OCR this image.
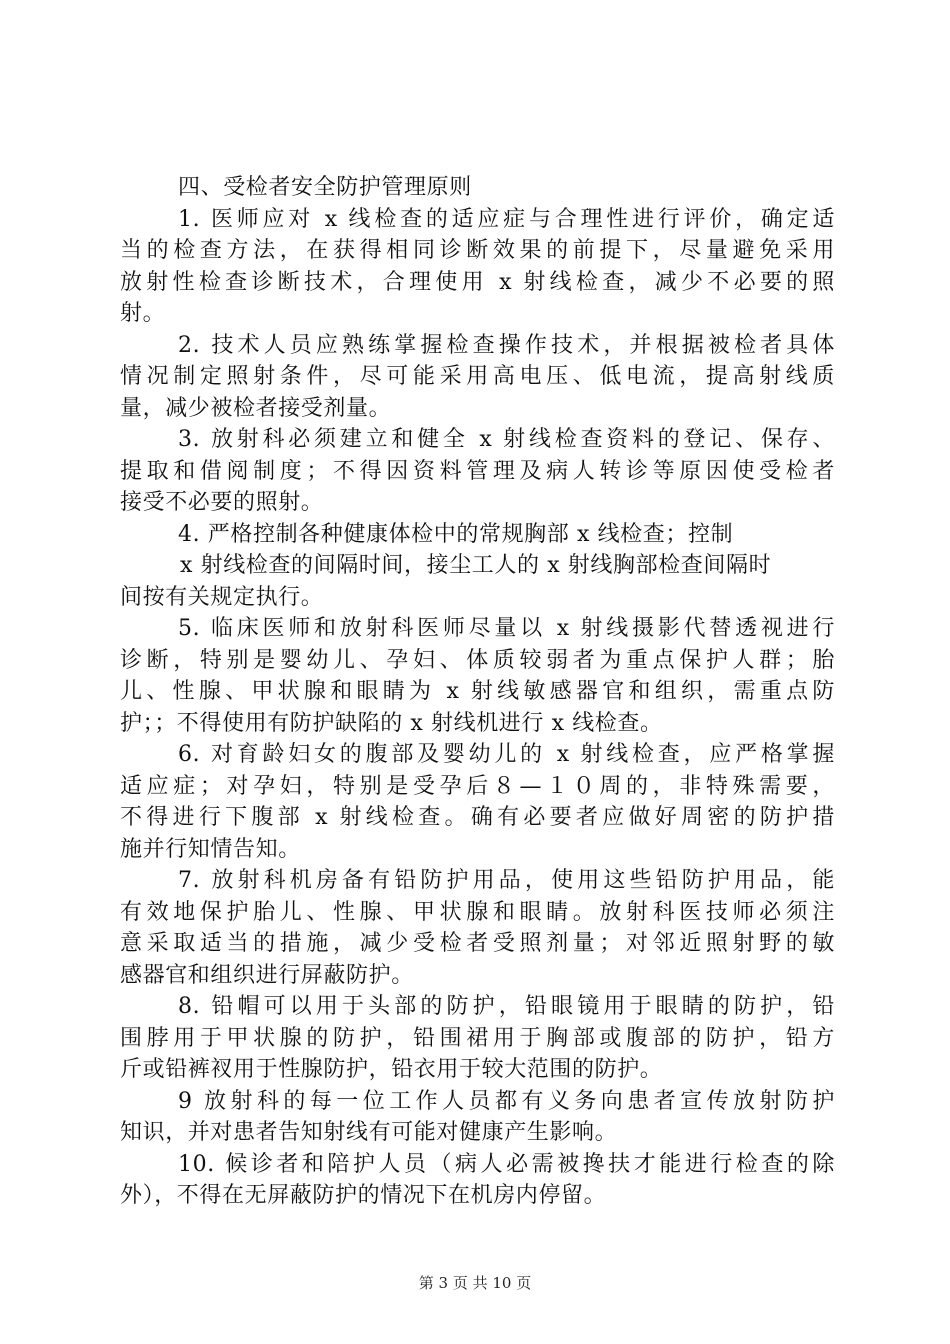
四、受检者安全防护管理原则
1. 医师应对 x 线检查的适应症与合理性进行评价，确定适
当的检查方法，在获得相同诊断效果的前提下，尽量避免采用
放射性检查诊断技术，合理使用 x 射线检查，减少不必要的照
射。
2. 技术人员应熟练掌握检查操作技术，并根据被检者具体
情况制定照射条件，尽可能采用高电压、低电流，提高射线质
量，减少被检者接受剂量。
3. 放射科必须建立和健全 x 射线检查资料的登记、保存、
提取和借阅制度；不得因资料管理及病人转诊等原因使受检者
接受不必要的照射。
4. 严格控制各种健康体检中的常规胸部 x 线检查；控制
x 射线检查的间隔时间，接尘工人的 x 射线胸部检查间隔时
间按有关规定执行。
5. 临床医师和放射科医师尽量以 x 射线摄影代替透视进行
诊断，特别是婴幼儿、孕妇、体质较弱者为重点保护人群；胎
儿、性腺、甲状腺和眼睛为 x 射线敏感器官和组织，需重点防
护；；不得使用有防护缺陷的 x 射线机进行 x 线检查。
6. 对育龄妇女的腹部及婴幼儿的 x 射线检查，应严格掌握
适应症；对孕妇，特别是受孕后８—１０周的，非特殊需要，
不得进行下腹部 x 射线检查。确有必要者应做好周密的防护措
施并行知情告知。
7. 放射科机房备有铅防护用品，使用这些铅防护用品，能
有效地保护胎儿、性腺、甲状腺和眼睛。放射科医技师必须注
意采取适当的措施，减少受检者受照剂量；对邻近照射野的敏
感器官和组织进行屏蔽防护。
8. 铅帽可以用于头部的防护，铅眼镜用于眼睛的防护，铅
围脖用于甲状腺的防护，铅围裙用于胸部或腹部的防护，铅方
斤或铅裤衩用于性腺防护，铅衣用于较大范围的防护。
9 放射科的每一位工作人员都有义务向患者宣传放射防护
知识，并对患者告知射线有可能对健康产生影响。
10. 候诊者和陪护人员（病人必需被搀扶才能进行检查的除
外），不得在无屏蔽防护的情况下在机房内停留。
第 3 页 共 10 页
